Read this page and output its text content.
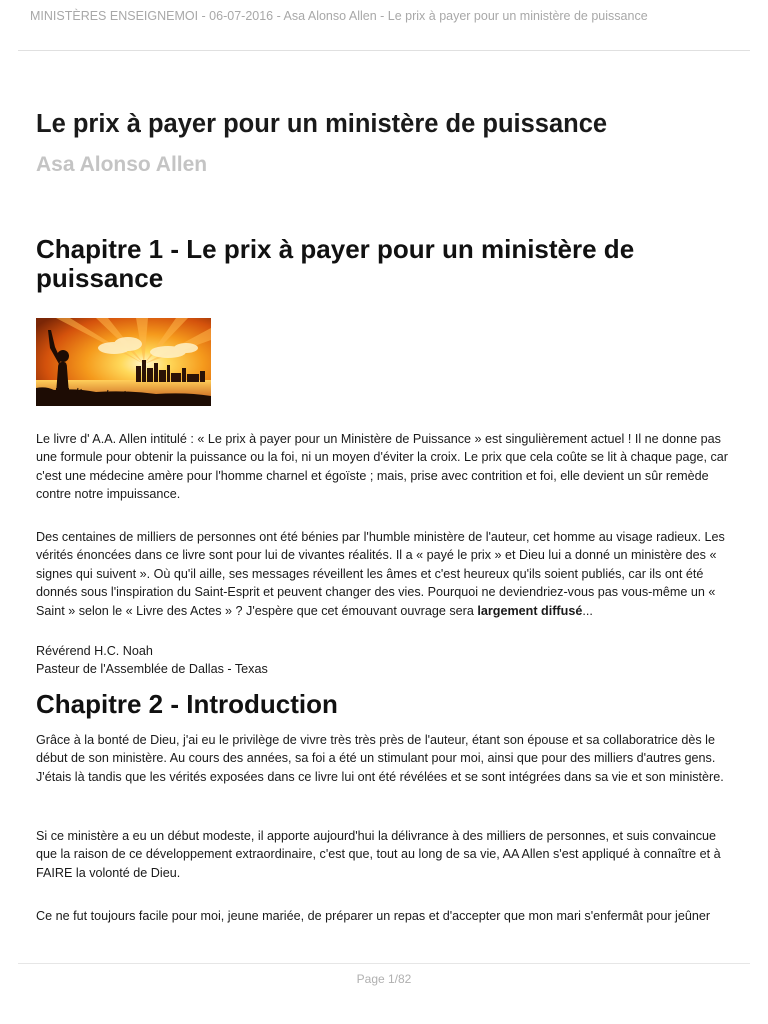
MINISTÈRES ENSEIGNEMOI - 06-07-2016 - Asa Alonso Allen - Le prix à payer pour un ministère de puissance
Le prix à payer pour un ministère de puissance
Asa Alonso Allen
Chapitre 1 - Le prix à payer pour un ministère de puissance

Le livre d' A.A. Allen intitulé : « Le prix à payer pour un Ministère de Puissance » est singulièrement actuel ! Il ne donne pas une formule pour obtenir la puissance ou la foi, ni un moyen d'éviter la croix. Le prix que cela coûte se lit à chaque page, car c'est une médecine amère pour l'homme charnel et égoïste ; mais, prise avec contrition et foi, elle devient un sûr remède contre notre impuissance.

Des centaines de milliers de personnes ont été bénies par l'humble ministère de l'auteur, cet homme au visage radieux. Les vérités énoncées dans ce livre sont pour lui de vivantes réalités. Il a « payé le prix » et Dieu lui a donné un ministère des « signes qui suivent ». Où qu'il aille, ses messages réveillent les âmes et c'est heureux qu'ils soient publiés, car ils ont été donnés sous l'inspiration du Saint-Esprit et peuvent changer des vies. Pourquoi ne deviendriez-vous pas vous-même un « Saint » selon le « Livre des Actes » ? J'espère que cet émouvant ouvrage sera largement diffusé...

Révérend H.C. Noah
Pasteur de l'Assemblée de Dallas - Texas

Chapitre 2 - Introduction

Grâce à la bonté de Dieu, j'ai eu le privilège de vivre très très près de l'auteur, étant son épouse et sa collaboratrice dès le début de son ministère. Au cours des années, sa foi a été un stimulant pour moi, ainsi que pour des milliers d'autres gens. J'étais là tandis que les vérités exposées dans ce livre lui ont été révélées et se sont intégrées dans sa vie et son ministère.

Si ce ministère a eu un début modeste, il apporte aujourd'hui la délivrance à des milliers de personnes, et suis convaincue que la raison de ce développement extraordinaire, c'est que, tout au long de sa vie, AA Allen s'est appliqué à connaître et à FAIRE la volonté de Dieu.

Ce ne fut toujours facile pour moi, jeune mariée, de préparer un repas et d'accepter que mon mari s'enfermât pour jeûner

Page 1/82
